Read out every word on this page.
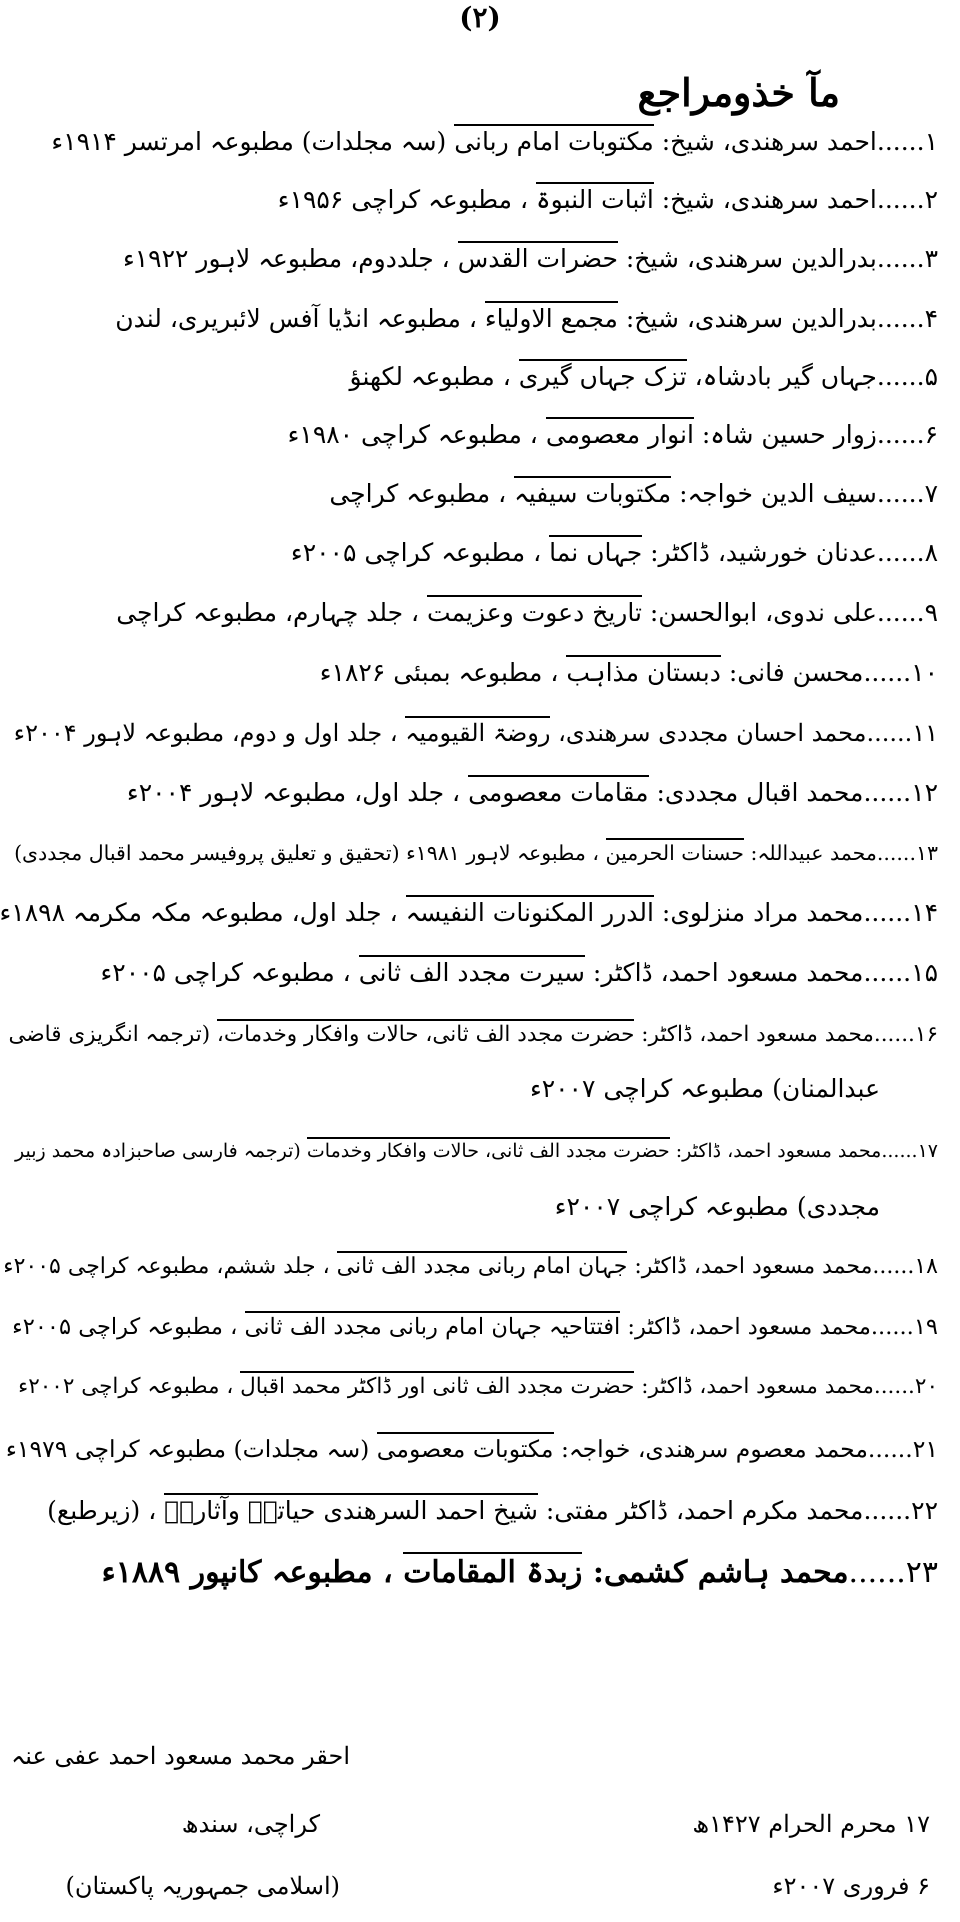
(۲)
مآ خذومراجع
۱......احمد سرھندی، شیخ: مکتوبات امام ربانی (سہ مجلدات) مطبوعہ امرتسر ۱۹۱۴ء
۲......احمد سرھندی، شیخ: اثبات النبوۃ ، مطبوعہ کراچی ۱۹۵۶ء
۳......بدرالدین سرھندی، شیخ: حضرات القدس ، جلددوم، مطبوعہ لاہور ۱۹۲۲ء
۴......بدرالدین سرھندی، شیخ: مجمع الاولیاء ، مطبوعہ انڈیا آفس لائبریری، لندن
۵......جہاں گیر بادشاہ، تزک جہاں گیری ، مطبوعہ لکھنؤ
۶......زوار حسین شاہ: انوار معصومی ، مطبوعہ کراچی ۱۹۸۰ء
۷......سیف الدین خواجہ: مکتوبات سیفیہ ، مطبوعہ کراچی
۸......عدنان خورشید، ڈاکٹر: جہاں نما ، مطبوعہ کراچی ۲۰۰۵ء
۹......علی ندوی، ابوالحسن: تاریخ دعوت وعزیمت ، جلد چہارم، مطبوعہ کراچی
۱۰......محسن فانی: دبستان مذاہب ، مطبوعہ بمبئی ۱۸۲۶ء
۱۱......محمد احسان مجددی سرھندی، روضۃ القیومیہ ، جلد اول و دوم، مطبوعہ لاہور ۲۰۰۴ء
۱۲......محمد اقبال مجددی: مقامات معصومی ، جلد اول، مطبوعہ لاہور ۲۰۰۴ء
۱۳......محمد عبیداللہ: حسنات الحرمین ، مطبوعہ لاہور ۱۹۸۱ء (تحقیق و تعلیق پروفیسر محمد اقبال مجددی)
۱۴......محمد مراد منزلوی: الدرر المکنونات النفیسہ ، جلد اول، مطبوعہ مکہ مکرمہ ۱۸۹۸ء
۱۵......محمد مسعود احمد، ڈاکٹر: سیرت مجدد الف ثانی ، مطبوعہ کراچی ۲۰۰۵ء
۱۶......محمد مسعود احمد، ڈاکٹر: حضرت مجدد الف ثانی، حالات وافکار وخدمات، (ترجمہ انگریزی قاضی
عبدالمنان) مطبوعہ کراچی ۲۰۰۷ء
۱۷......محمد مسعود احمد، ڈاکٹر: حضرت مجدد الف ثانی، حالات وافکار وخدمات (ترجمہ فارسی صاحبزادہ محمد زبیر
مجددی) مطبوعہ کراچی ۲۰۰۷ء
۱۸......محمد مسعود احمد، ڈاکٹر: جہان امام ربانی مجدد الف ثانی ، جلد ششم، مطبوعہ کراچی ۲۰۰۵ء
۱۹......محمد مسعود احمد، ڈاکٹر: افتتاحیہ جہان امام ربانی مجدد الف ثانی ، مطبوعہ کراچی ۲۰۰۵ء
۲۰......محمد مسعود احمد، ڈاکٹر: حضرت مجدد الف ثانی اور ڈاکٹر محمد اقبال ، مطبوعہ کراچی ۲۰۰۲ء
۲۱......محمد معصوم سرھندی، خواجہ: مکتوبات معصومی (سہ مجلدات) مطبوعہ کراچی ۱۹۷۹ء
۲۲......محمد مکرم احمد، ڈاکٹر مفتی: شیخ احمد السرھندی حیاتہٗ وآثارہٗ ، (زیرطبع)
۲۳......محمد ہاشم کشمی: زبدۃ المقامات ، مطبوعہ کانپور ۱۸۸۹ء
احقر محمد مسعود احمد عفی عنہ
کراچی، سندھ
(اسلامی جمہوریہ پاکستان)
۱۷ محرم الحرام ۱۴۲۷ھ
۶ فروری ۲۰۰۷ء
